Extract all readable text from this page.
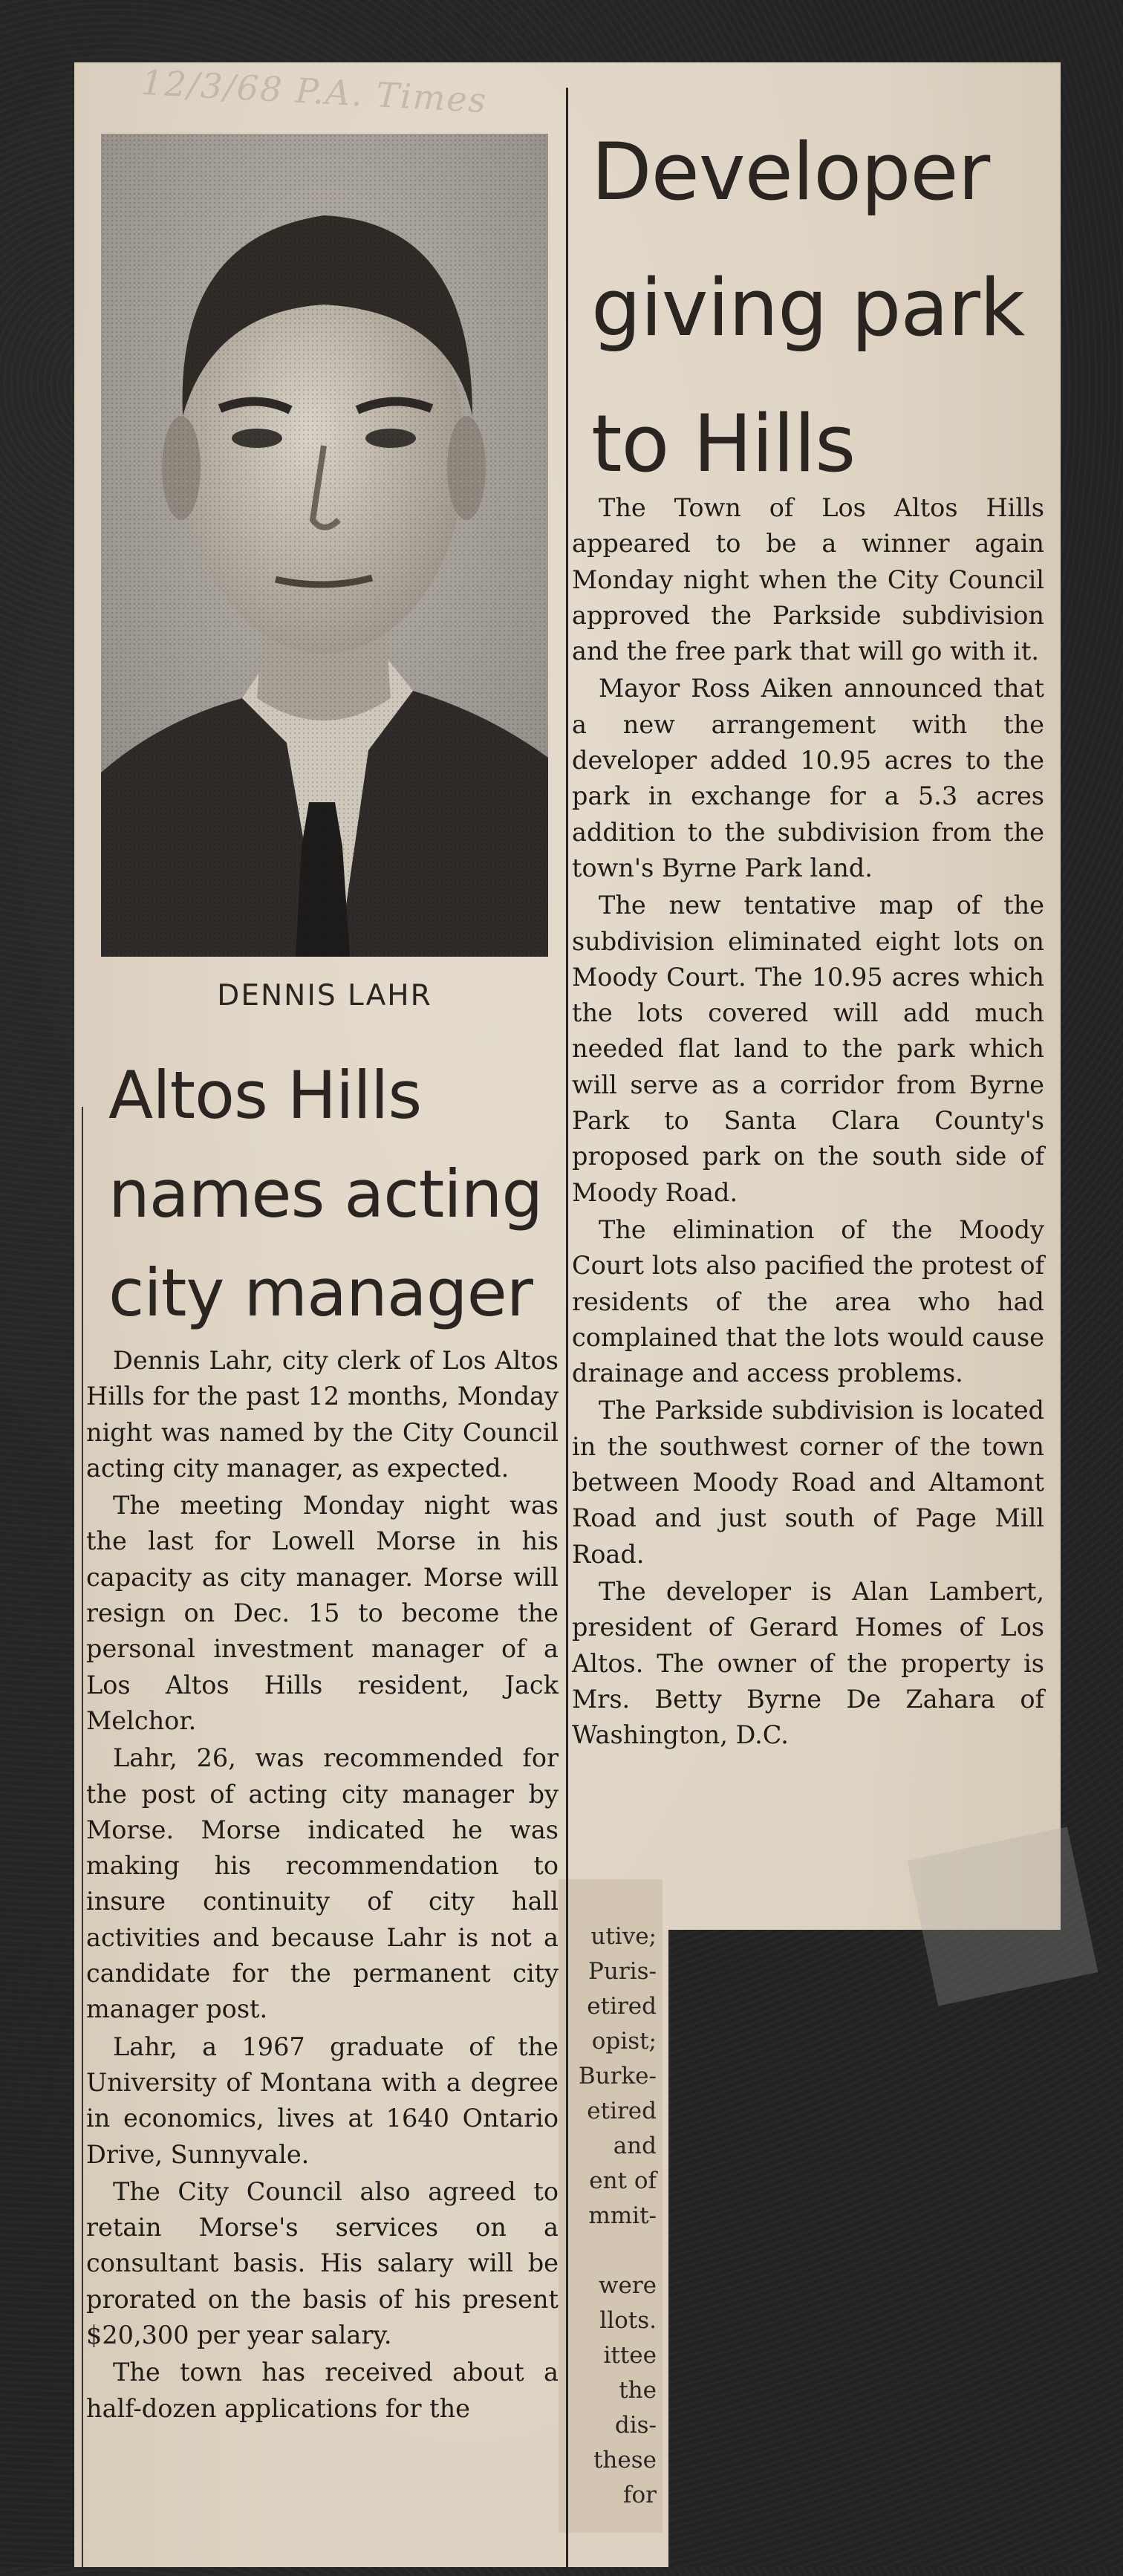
12/3/68 P.A. Times
DENNIS LAHR
Developer
giving park
to Hills

The Town of Los Altos Hills appeared to be a winner again Monday night when the City Council approved the Parkside subdivision and the free park that will go with it.

Mayor Ross Aiken announced that a new arrangement with the developer added 10.95 acres to the park in exchange for a 5.3 acres addition to the subdivision from the town's Byrne Park land.

The new tentative map of the subdivision eliminated eight lots on Moody Court. The 10.95 acres which the lots covered will add much needed flat land to the park which will serve as a corridor from Byrne Park to Santa Clara County's proposed park on the south side of Moody Road.

The elimination of the Moody Court lots also pacified the protest of residents of the area who had complained that the lots would cause drainage and access problems.

The Parkside subdivision is located in the southwest corner of the town between Moody Road and Altamont Road and just south of Page Mill Road.

The developer is Alan Lambert, president of Gerard Homes of Los Altos. The owner of the property is Mrs. Betty Byrne De Zahara of Washington, D.C.

Altos Hills
names acting
city manager

Dennis Lahr, city clerk of Los Altos Hills for the past 12 months, Monday night was named by the City Council acting city manager, as expected.

The meeting Monday night was the last for Lowell Morse in his capacity as city manager. Morse will resign on Dec. 15 to become the personal investment manager of a Los Altos Hills resident, Jack Melchor.

Lahr, 26, was recommended for the post of acting city manager by Morse. Morse indicated he was making his recommendation to insure continuity of city hall activities and because Lahr is not a candidate for the permanent city manager post.

Lahr, a 1967 graduate of the University of Montana with a degree in economics, lives at 1640 Ontario Drive, Sunnyvale.

The City Council also agreed to retain Morse's services on a consultant basis. His salary will be prorated on the basis of his present $20,300 per year salary.

The town has received about a half-dozen applications for the

utive;
Puris-
etired
opist;
Burke-
etired
and
ent of
mmit-

were
llots.
ittee
the
dis-
these
for
